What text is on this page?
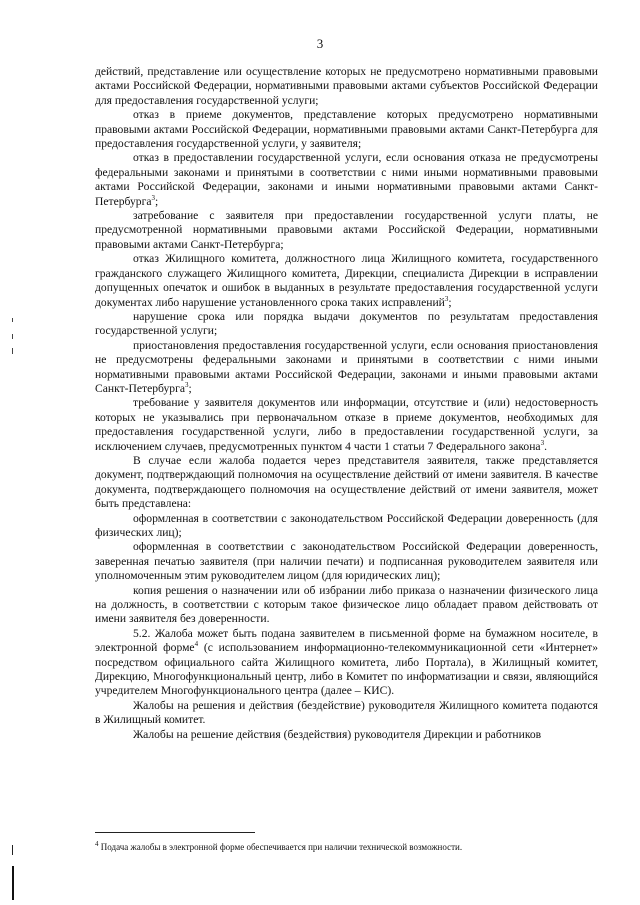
3

действий, представление или осуществление которых не предусмотрено нормативными правовыми актами Российской Федерации, нормативными правовыми актами субъектов Российской Федерации для предоставления государственной услуги;

отказ в приеме документов, представление которых предусмотрено нормативными правовыми актами Российской Федерации, нормативными правовыми актами Санкт-Петербурга для предоставления государственной услуги, у заявителя;

отказ в предоставлении государственной услуги, если основания отказа не предусмотрены федеральными законами и принятыми в соответствии с ними иными нормативными правовыми актами Российской Федерации, законами и иными нормативными правовыми актами Санкт-Петербурга$^3$;

затребование с заявителя при предоставлении государственной услуги платы, не предусмотренной нормативными правовыми актами Российской Федерации, нормативными правовыми актами Санкт-Петербурга;

отказ Жилищного комитета, должностного лица Жилищного комитета, государственного гражданского служащего Жилищного комитета, Дирекции, специалиста Дирекции в исправлении допущенных опечаток и ошибок в выданных в результате предоставления государственной услуги документах либо нарушение установленного срока таких исправлений$^3$;

нарушение срока или порядка выдачи документов по результатам предоставления государственной услуги;

приостановления предоставления государственной услуги, если основания приостановления не предусмотрены федеральными законами и принятыми в соответствии с ними иными нормативными правовыми актами Российской Федерации, законами и иными правовыми актами Санкт-Петербурга$^3$;

требование у заявителя документов или информации, отсутствие и (или) недостоверность которых не указывались при первоначальном отказе в приеме документов, необходимых для предоставления государственной услуги, либо в предоставлении государственной услуги, за исключением случаев, предусмотренных пунктом 4 части 1 статьи 7 Федерального закона$^3$.

В случае если жалоба подается через представителя заявителя, также представляется документ, подтверждающий полномочия на осуществление действий от имени заявителя. В качестве документа, подтверждающего полномочия на осуществление действий от имени заявителя, может быть представлена:

оформленная в соответствии с законодательством Российской Федерации доверенность (для физических лиц);

оформленная в соответствии с законодательством Российской Федерации доверенность, заверенная печатью заявителя (при наличии печати) и подписанная руководителем заявителя или уполномоченным этим руководителем лицом (для юридических лиц);

копия решения о назначении или об избрании либо приказа о назначении физического лица на должность, в соответствии с которым такое физическое лицо обладает правом действовать от имени заявителя без доверенности.

5.2. Жалоба может быть подана заявителем в письменной форме на бумажном носителе, в электронной форме$^4$ (с использованием информационно-телекоммуникационной сети «Интернет» посредством официального сайта Жилищного комитета, либо Портала), в Жилищный комитет, Дирекцию, Многофункциональный центр, либо в Комитет по информатизации и связи, являющийся учредителем Многофункционального центра (далее – КИС).

Жалобы на решения и действия (бездействие) руководителя Жилищного комитета подаются в Жилищный комитет.

Жалобы на решение действия (бездействия) руководителя Дирекции и работников

$^4$ Подача жалобы в электронной форме обеспечивается при наличии технической возможности.
